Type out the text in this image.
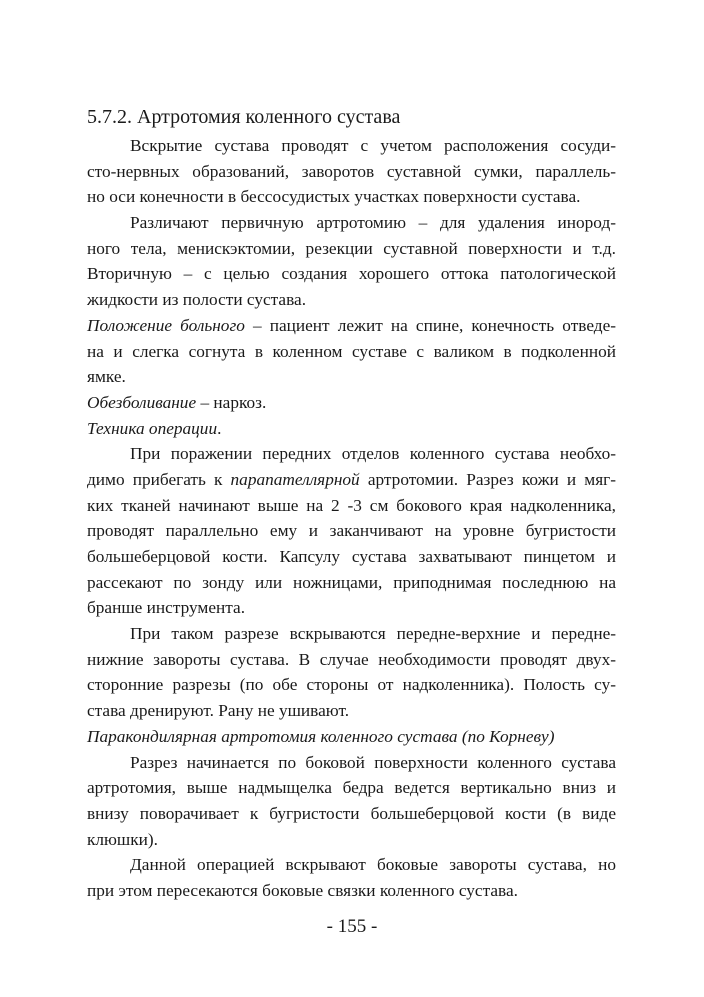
5.7.2. Артротомия коленного сустава
Вскрытие сустава проводят с учетом расположения сосуди-
сто-нервных образований, заворотов суставной сумки, параллель-
но оси конечности в бессосудистых участках поверхности сустава.
Различают первичную артротомию – для удаления инород-
ного тела, менискэктомии, резекции суставной поверхности и т.д.
Вторичную – с целью создания хорошего оттока патологической
жидкости из полости сустава.
Положение больного – пациент лежит на спине, конечность отведе-
на и слегка согнута в коленном суставе с валиком в подколенной
ямке.
Обезболивание – наркоз.
Техника операции.
При поражении передних отделов коленного сустава необхо-
димо прибегать к парапателлярной артротомии. Разрез кожи и мяг-
ких тканей начинают выше на 2 -3 см бокового края надколенника,
проводят параллельно ему и заканчивают на уровне бугристости
большеберцовой кости. Капсулу сустава захватывают пинцетом и
рассекают по зонду или ножницами, приподнимая последнюю на
бранше инструмента.
При таком разрезе вскрываются передне-верхние и передне-
нижние завороты сустава. В случае необходимости проводят двух-
сторонние разрезы (по обе стороны от надколенника). Полость су-
става дренируют. Рану не ушивают.
Паракондилярная артротомия коленного сустава (по Корневу)
Разрез начинается по боковой поверхности коленного сустава
артротомия, выше надмыщелка бедра ведется вертикально вниз и
внизу поворачивает к бугристости большеберцовой кости (в виде
клюшки).
Данной операцией вскрывают боковые завороты сустава, но
при этом пересекаются боковые связки коленного сустава.
- 155 -
